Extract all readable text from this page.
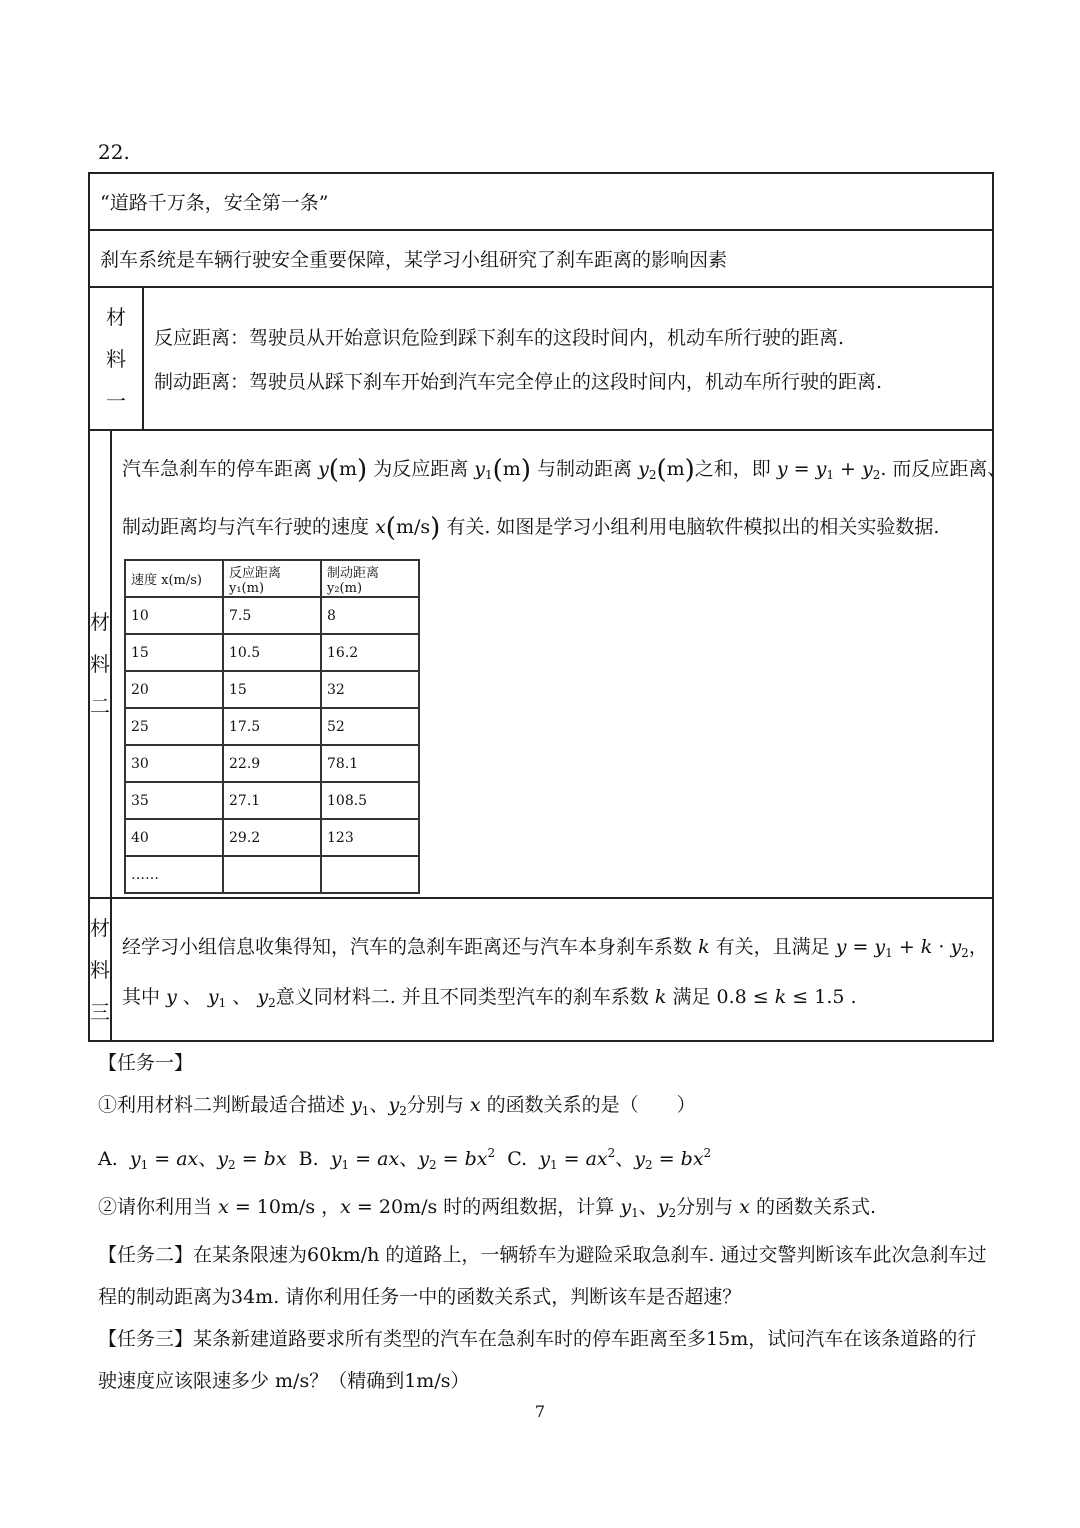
22.
“道路千万条，安全第一条”
刹车系统是车辆行驶安全重要保障，某学习小组研究了刹车距离的影响因素
材
料
一
反应距离：驾驶员从开始意识危险到踩下刹车的这段时间内，机动车所行驶的距离.
制动距离：驾驶员从踩下刹车开始到汽车完全停止的这段时间内，机动车所行驶的距离.
材
料
二
汽车急刹车的停车距离 y(m) 为反应距离 $y_1(m)$ 与制动距离 $y_2(m)$之和，即 $y = y_1 + y_2$. 而反应距离、
制动距离均与汽车行驶的速度 x(m/s) 有关. 如图是学习小组利用电脑软件模拟出的相关实验数据.
速度 x(m/s)	反应距离 y₁(m)	制动距离 y₂(m)
10	7.5	8
15	10.5	16.2
20	15	32
25	17.5	52
30	22.9	78.1
35	27.1	108.5
40	29.2	123
……		
材
料
三
经学习小组信息收集得知，汽车的急刹车距离还与汽车本身刹车系数 k 有关，且满足 $y = y_1 + k \cdot y_2$，
其中 y 、 $y_1$ 、 $y_2$意义同材料二. 并且不同类型汽车的刹车系数 k 满足 0.8 ≤ k ≤ 1.5 .
【任务一】
①利用材料二判断最适合描述 $y_1$、$y_2$分别与 x 的函数关系的是（　　）
A. $y_1$ = ax、$y_2$ = bx B. $y_1$ = ax、$y_2 = bx^2$ C. $y_1 = ax^2$、$y_2 = bx^2$
②请你利用当 x = 10m/s ，x = 20m/s 时的两组数据，计算 $y_1$、$y_2$分别与 x 的函数关系式.
【任务二】在某条限速为60km/h 的道路上，一辆轿车为避险采取急刹车. 通过交警判断该车此次急刹车过
程的制动距离为34m. 请你利用任务一中的函数关系式，判断该车是否超速？
【任务三】某条新建道路要求所有类型的汽车在急刹车时的停车距离至多15m，试问汽车在该条道路的行
驶速度应该限速多少 m/s？（精确到1m/s）
7
